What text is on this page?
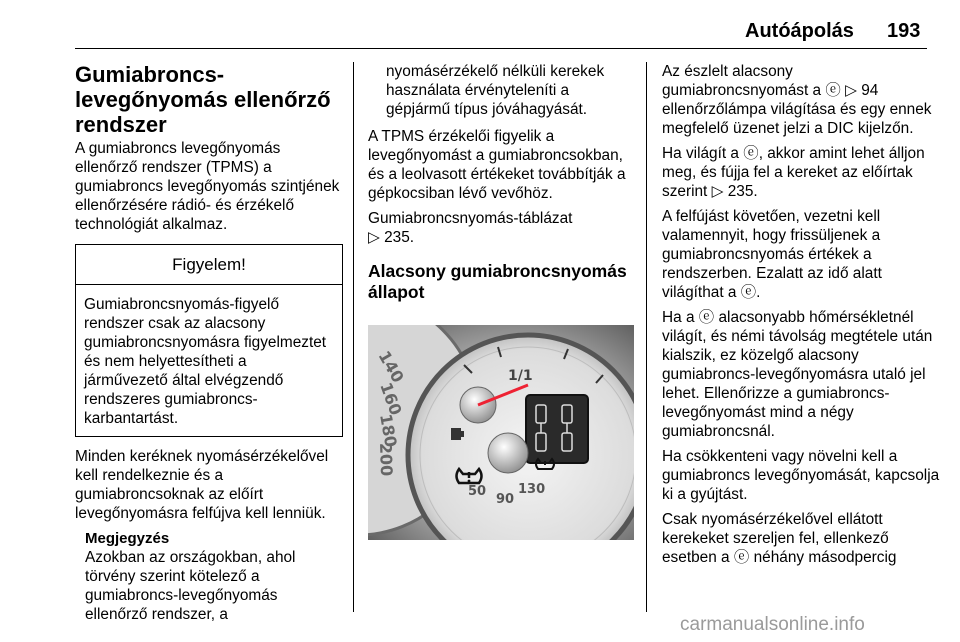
Autóápolás 193
Gumiabroncs-levegőnyomás ellenőrző rendszer

A gumiabroncs levegőnyomás ellenőrző rendszer (TPMS) a gumiabroncs levegőnyomás szintjének ellenőrzésére rádió- és érzékelő technológiát alkalmaz.

Figyelem!
Gumiabroncsnyomás-figyelő rendszer csak az alacsony gumiabroncsnyomásra figyelmeztet és nem helyettesítheti a járművezető által elvégzendő rendszeres gumiabroncs-karbantartást.

Minden keréknek nyomásérzékelővel kell rendelkeznie és a gumiabroncsoknak az előírt levegőnyomásra felfújva kell lenniük.

Megjegyzés
Azokban az országokban, ahol törvény szerint kötelező a gumiabroncs-levegőnyomás ellenőrző rendszer, a
nyomásérzékelő nélküli kerekek használata érvényteleníti a gépjármű típus jóváhagyását.

A TPMS érzékelői figyelik a levegőnyomást a gumiabroncsokban, és a leolvasott értékeket továbbítják a gépkocsiban lévő vevőhöz.

Gumiabroncsnyomás-táblázat
▷ 235.

Alacsony gumiabroncsnyomás állapot
140
160
180
200
1/1
50
90
130

Az észlelt alacsony gumiabroncsnyomást a ⓔ ▷ 94 ellenőrzőlámpa világítása és egy ennek megfelelő üzenet jelzi a DIC kijelzőn.

Ha világít a ⓔ, akkor amint lehet álljon meg, és fújja fel a kereket az előírtak szerint ▷ 235.

A felfújást követően, vezetni kell valamennyit, hogy frissüljenek a gumiabroncsnyomás értékek a rendszerben. Ezalatt az idő alatt világíthat a ⓔ.

Ha a ⓔ alacsonyabb hőmérsékletnél világít, és némi távolság megtétele után kialszik, ez közelgő alacsony gumiabroncs-levegőnyomásra utaló jel lehet. Ellenőrizze a gumiabroncs-levegőnyomást mind a négy gumiabroncsnál.

Ha csökkenteni vagy növelni kell a gumiabroncs levegőnyomását, kapcsolja ki a gyújtást.

Csak nyomásérzékelővel ellátott kerekeket szereljen fel, ellenkező esetben a ⓔ néhány másodpercig

carmanualsonline.info
